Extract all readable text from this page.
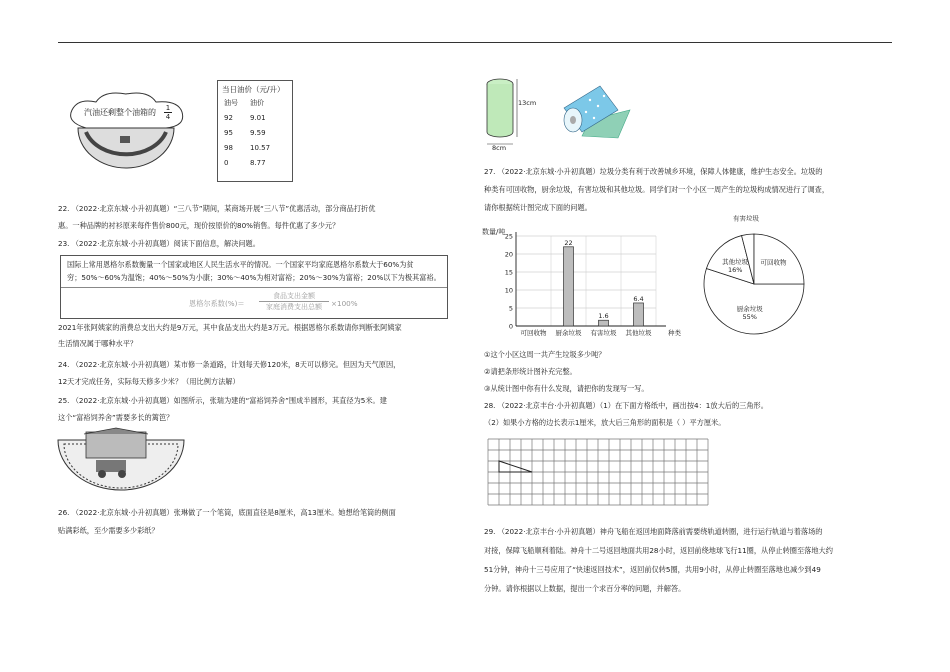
汽油还剩整个油箱的 $\frac{1}{4}$
当日油价（元/升）
油号	油价
92	9.01
95	9.59
98	10.57
0	8.77
22. （2022·北京东城·小升初真题）“三八节”期间，某商场开展“三八节”优惠活动，部分商品打折优
惠。一种品牌的衬衫原来每件售价800元，现价按原价的80%销售。每件优惠了多少元？
23. （2022·北京东城·小升初真题）阅读下面信息，解决问题。
国际上常用恩格尔系数衡量一个国家或地区人民生活水平的情况。一个国家平均家庭恩格尔系数大于60%为贫
穷；50%～60%为温饱；40%～50%为小康；30%～40%为相对富裕；20%～30%为富裕；20%以下为极其富裕。
恩格尔系数(%)＝
食品支出金额

家庭消费支出总额	×100%
2021年张阿姨家的消费总支出大约是9万元，其中食品支出大约是3万元。根据恩格尔系数请你判断张阿姨家
生活情况属于哪种水平？
24. （2022·北京东城·小升初真题）某市修一条道路，计划每天修120米，8天可以修完。但因为天气原因，
12天才完成任务，实际每天修多少米？（用比例方法解）
25. （2022·北京东城·小升初真题）如图所示，张瑞为建的“富裕饲养舍”围成半圆形，其直径为5米。建
这个“富裕饲养舍”需要多长的篱笆？
26. （2022·北京东城·小升初真题）张琳做了一个笔筒，底面直径是8厘米，高13厘米。她想给笔筒的侧面
贴满彩纸，至少需要多少彩纸？
13cm
8cm
27. （2022·北京东城·小升初真题）垃圾分类有利于改善城乡环境，保障人体健康，维护生态安全。垃圾的
种类有可回收物，厨余垃圾，有害垃圾和其他垃圾。同学们对一个小区一周产生的垃圾构成情况进行了调查，
请你根据统计图完成下面的问题。
数量/吨
0
5
10
15
20
25
可回收物
22
厨余垃圾
1.6
有害垃圾
6.4
其他垃圾	种类
厨余垃圾
55%
其他垃圾
16%
有害垃圾
可回收物
①这个小区这周一共产生垃圾多少吨？
②请把条形统计图补充完整。
③从统计图中你有什么发现，请把你的发现写一写。
28. （2022·北京丰台·小升初真题）（1）在下面方格纸中，画出按4：1放大后的三角形。
（2）如果小方格的边长表示1厘米，放大后三角形的面积是（ ）平方厘米。
29. （2022·北京丰台·小升初真题）神舟飞船在返回地面降落前需要绕轨道转圈，进行运行轨道与着落场的
对接，保障飞船顺利着陆。神舟十二号返回地面共用28小时，返回前绕地球飞行11圈，从停止转圈至落地大约
51分钟，神舟十三号应用了“快速返回技术”，返回前仅转5圈，共用9小时，从停止转圈至落地也减少到49
分钟。请你根据以上数据，提出一个求百分率的问题，并解答。
